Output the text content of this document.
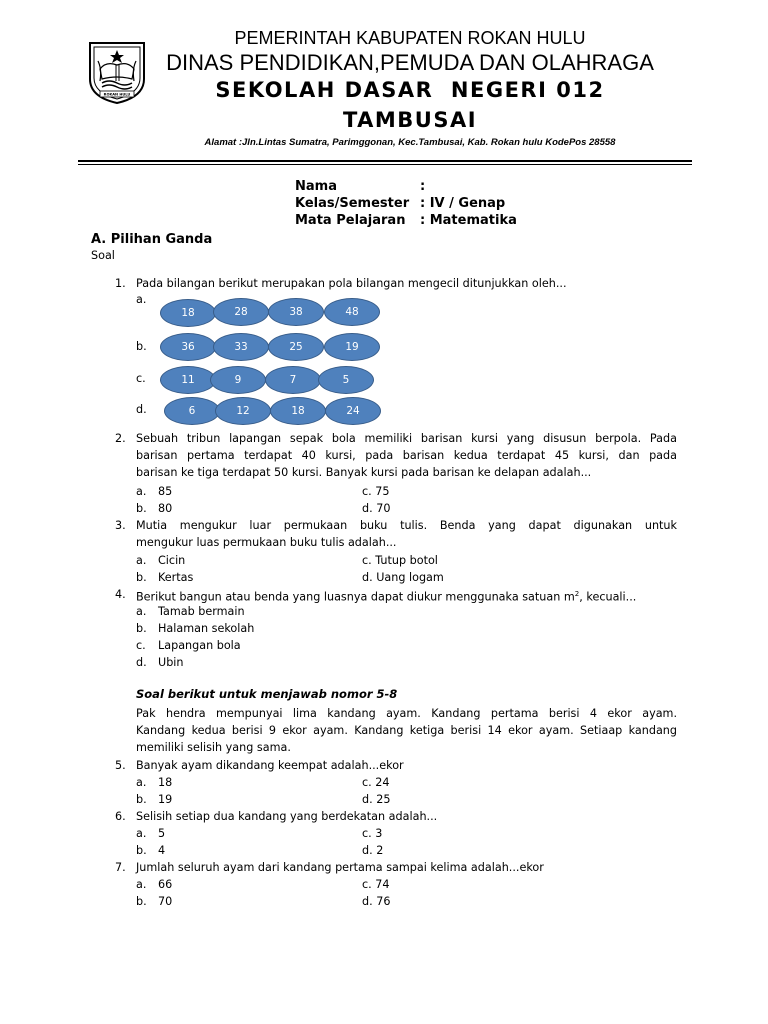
ROKAN HULU
PEMERINTAH KABUPATEN ROKAN HULU
DINAS PENDIDIKAN,PEMUDA DAN OLAHRAGA
SEKOLAH DASAR  NEGERI 012
TAMBUSAI
Alamat :Jln.Lintas Sumatra, Parimggonan, Kec.Tambusai, Kab. Rokan hulu KodePos 28558
Nama	:
Kelas/Semester : IV / Genap
Mata Pelajaran : Matematika
A. Pilihan Ganda
Soal
1. Pada bilangan berikut merupakan pola bilangan mengecil ditunjukkan oleh...
a.
18	28	38	48
b.	36	33	25	19
c.	11	9	7	5
d.	6	12	18	24
2. Sebuah tribun lapangan sepak bola memiliki barisan kursi yang disusun berpola. Pada
barisan pertama terdapat 40 kursi, pada barisan kedua terdapat 45 kursi, dan pada
barisan ke tiga terdapat 50 kursi. Banyak kursi pada barisan ke delapan adalah...
a. 85	c. 75
b. 80	d. 70
3. Mutia mengukur luar permukaan buku tulis. Benda yang dapat digunakan untuk
mengukur luas permukaan buku tulis adalah...
a. Cicin	c. Tutup botol
b. Kertas	d. Uang logam
4. Berikut bangun atau benda yang luasnya dapat diukur menggunaka satuan $m^2$, kecuali...
a. Tamab bermain
b. Halaman sekolah
c. Lapangan bola
d. Ubin
Soal berikut untuk menjawab nomor 5-8
Pak hendra mempunyai lima kandang ayam. Kandang pertama berisi 4 ekor ayam.
Kandang kedua berisi 9 ekor ayam. Kandang ketiga berisi 14 ekor ayam. Setiaap kandang
memiliki selisih yang sama.
5. Banyak ayam dikandang keempat adalah...ekor
a. 18	c. 24
b. 19	d. 25
6. Selisih setiap dua kandang yang berdekatan adalah...
a. 5	c. 3
b. 4	d. 2
7. Jumlah seluruh ayam dari kandang pertama sampai kelima adalah...ekor
a. 66	c. 74
b. 70	d. 76
